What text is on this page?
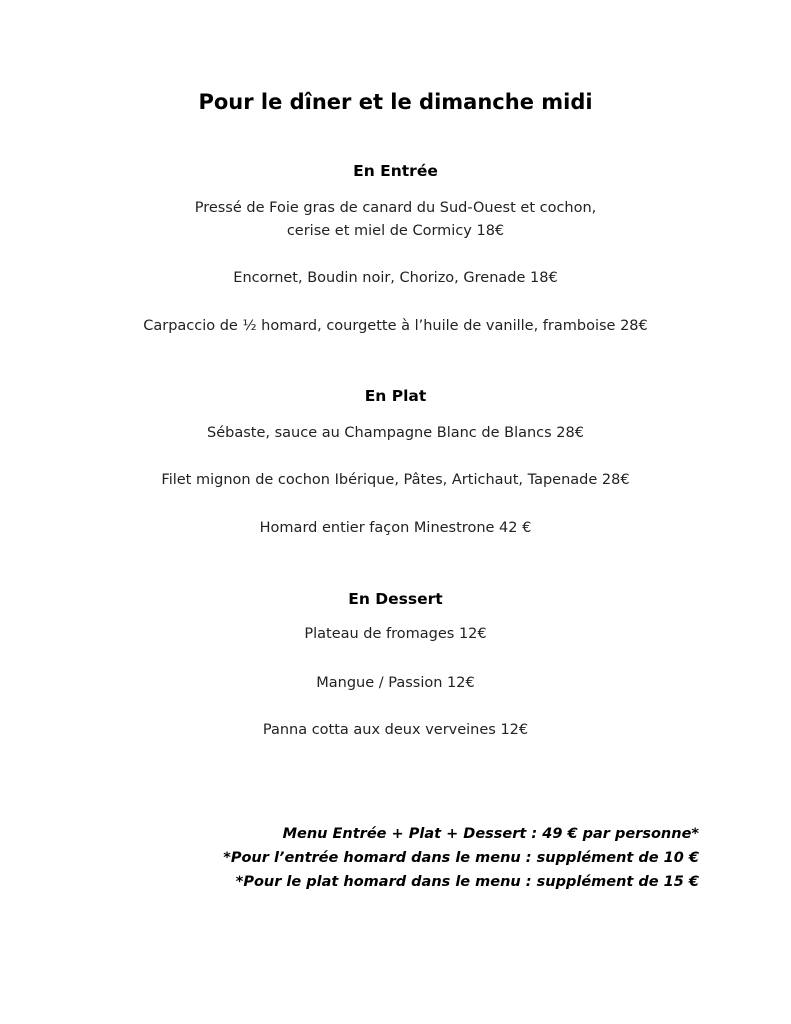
Pour le dîner et le dimanche midi
En Entrée
Pressé de Foie gras de canard du Sud-Ouest et cochon,
cerise et miel de Cormicy 18€
Encornet, Boudin noir, Chorizo, Grenade 18€
Carpaccio de ½ homard, courgette à l’huile de vanille, framboise 28€
En Plat
Sébaste, sauce au Champagne Blanc de Blancs 28€
Filet mignon de cochon Ibérique, Pâtes, Artichaut, Tapenade 28€
Homard entier façon Minestrone 42 €
En Dessert
Plateau de fromages 12€
Mangue / Passion 12€
Panna cotta aux deux verveines 12€
Menu Entrée + Plat + Dessert : 49 € par personne*
*Pour l’entrée homard dans le menu : supplément de 10 €
*Pour le plat homard dans le menu : supplément de 15 €
